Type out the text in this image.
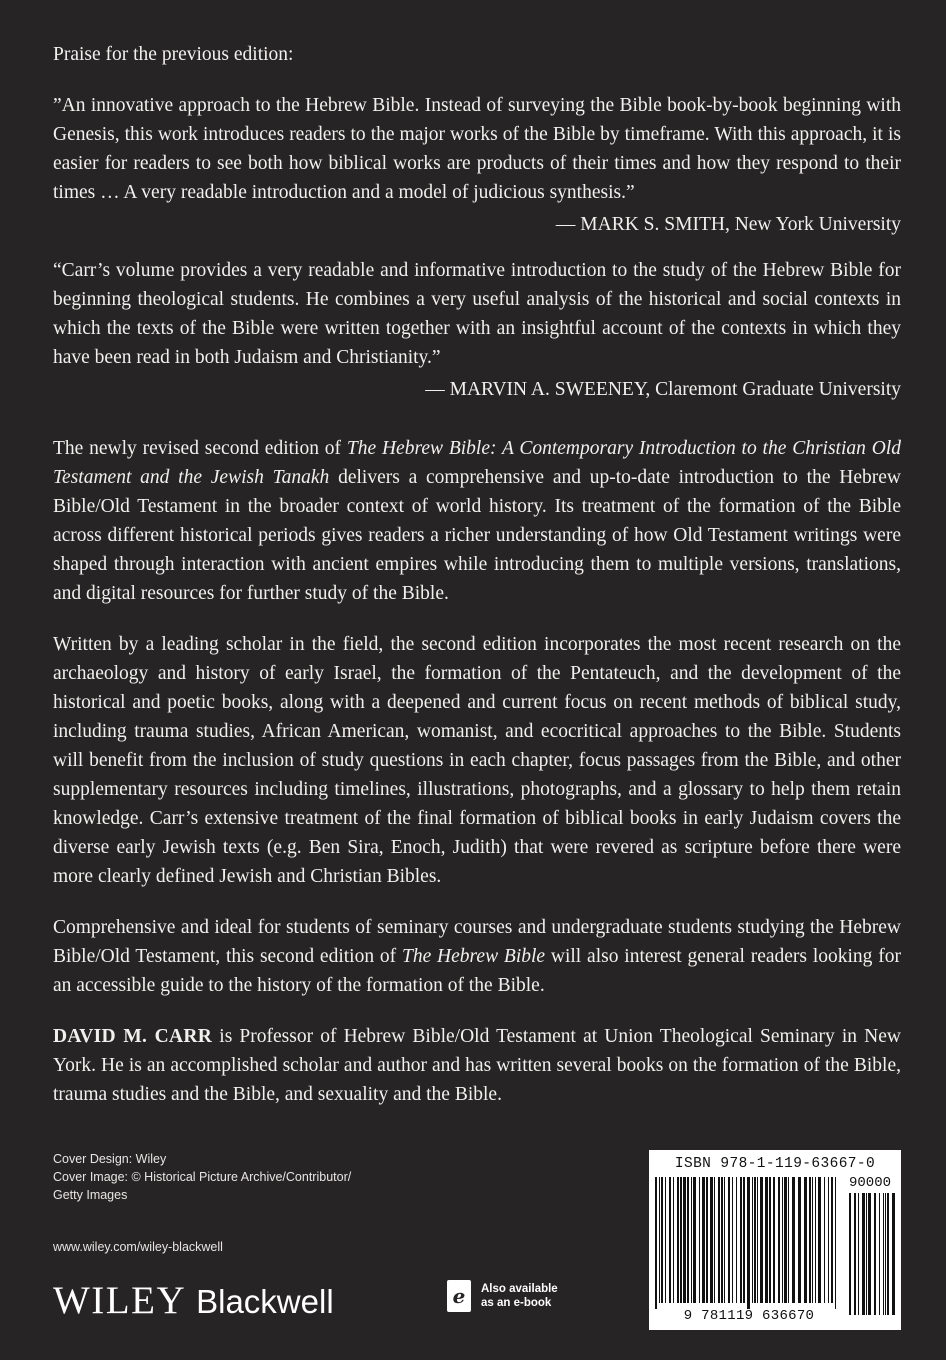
Praise for the previous edition:

”An innovative approach to the Hebrew Bible. Instead of surveying the Bible book-by-book beginning with Genesis, this work introduces readers to the major works of the Bible by timeframe. With this approach, it is easier for readers to see both how biblical works are products of their times and how they respond to their times … A very readable introduction and a model of judicious synthesis.”

— MARK S. SMITH, New York University

“Carr’s volume provides a very readable and informative introduction to the study of the Hebrew Bible for beginning theological students. He combines a very useful analysis of the historical and social contexts in which the texts of the Bible were written together with an insightful account of the contexts in which they have been read in both Judaism and Christianity.”

— MARVIN A. SWEENEY, Claremont Graduate University

The newly revised second edition of The Hebrew Bible: A Contemporary Introduction to the Christian Old Testament and the Jewish Tanakh delivers a comprehensive and up-to-date introduction to the Hebrew Bible/Old Testament in the broader context of world history. Its treatment of the formation of the Bible across different historical periods gives readers a richer understanding of how Old Testament writings were shaped through interaction with ancient empires while introducing them to multiple versions, translations, and digital resources for further study of the Bible.

Written by a leading scholar in the field, the second edition incorporates the most recent research on the archaeology and history of early Israel, the formation of the Pentateuch, and the development of the historical and poetic books, along with a deepened and current focus on recent methods of biblical study, including trauma studies, African American, womanist, and ecocritical approaches to the Bible. Students will benefit from the inclusion of study questions in each chapter, focus passages from the Bible, and other supplementary resources including timelines, illustrations, photographs, and a glossary to help them retain knowledge. Carr’s extensive treatment of the final formation of biblical books in early Judaism covers the diverse early Jewish texts (e.g. Ben Sira, Enoch, Judith) that were revered as scripture before there were more clearly defined Jewish and Christian Bibles.

Comprehensive and ideal for students of seminary courses and undergraduate students studying the Hebrew Bible/Old Testament, this second edition of The Hebrew Bible will also interest general readers looking for an accessible guide to the history of the formation of the Bible.

DAVID M. CARR is Professor of Hebrew Bible/Old Testament at Union Theological Seminary in New York. He is an accomplished scholar and author and has written several books on the formation of the Bible, trauma studies and the Bible, and sexuality and the Bible.

Cover Design: Wiley
Cover Image: © Historical Picture Archive/Contributor/
Getty Images
www.wiley.com/wiley-blackwell
WILEY Blackwell	e	Also available
as an e-book
ISBN 978-1-119-63667-0
90000
9 781119 636670
